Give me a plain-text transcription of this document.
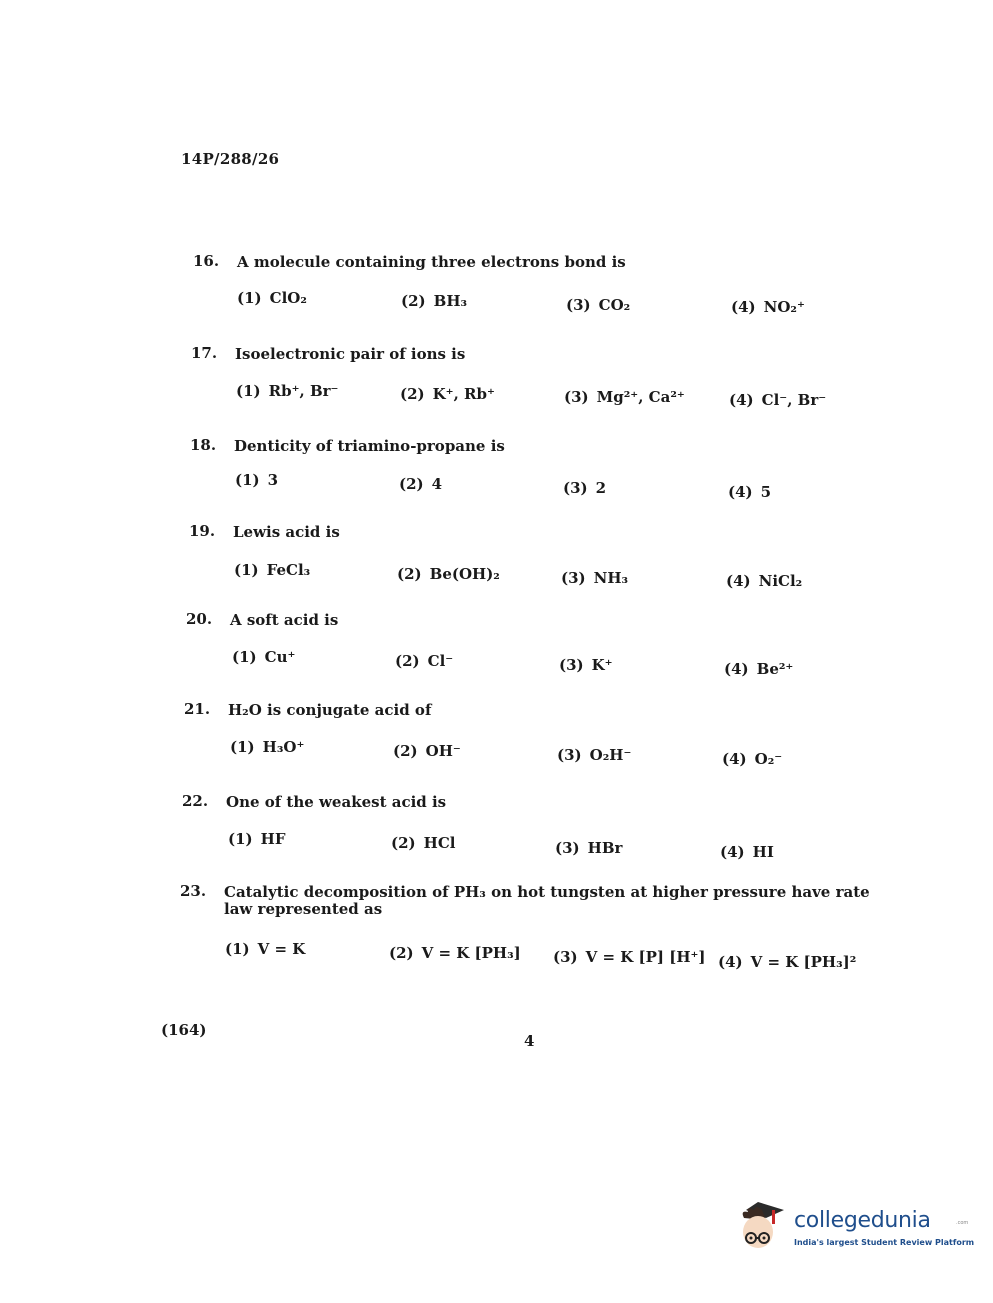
14P/288/26
16. A molecule containing three electrons bond is
(1) ClO₂	(2) BH₃	(3) CO₂	(4) NO₂⁺
17. Isoelectronic pair of ions is
(1) Rb⁺, Br⁻	(2) K⁺, Rb⁺	(3) Mg²⁺, Ca²⁺	(4) Cl⁻, Br⁻
18. Denticity of triamino-propane is
(1) 3	(2) 4	(3) 2	(4) 5
19. Lewis acid is
(1) FeCl₃	(2) Be(OH)₂	(3) NH₃	(4) NiCl₂
20. A soft acid is
(1) Cu⁺	(2) Cl⁻	(3) K⁺	(4) Be²⁺
21. H₂O is conjugate acid of
(1) H₃O⁺	(2) OH⁻	(3) O₂H⁻	(4) O₂⁻
22. One of the weakest acid is
(1) HF	(2) HCl	(3) HBr	(4) HI
23. Catalytic decomposition of PH₃ on hot tungsten at higher pressure have rate law represented as
(1) V = K	(2) V = K [PH₃] (3) V = K [P] [H⁺] (4) V = K [PH₃]²
(164)
4
collegedunia	.com
India's largest Student Review Platform
